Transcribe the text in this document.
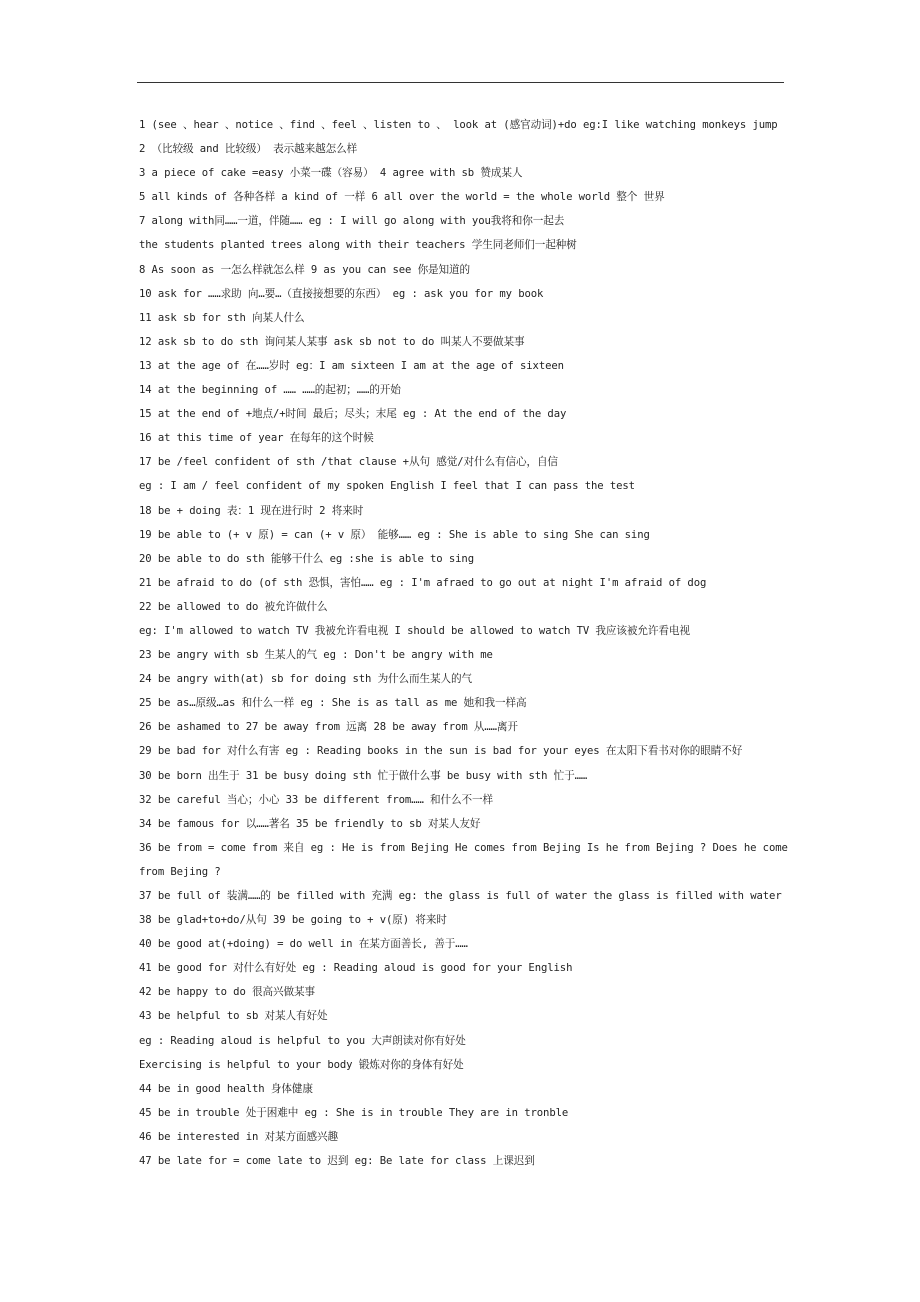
1 (see 、hear 、notice 、find 、feel 、listen to 、 look at (感官动词)+do eg:I like watching monkeys jump
2 （比较级 and 比较级） 表示越来越怎么样
3 a piece of cake =easy 小菜一碟（容易） 4 agree with sb 赞成某人
5 all kinds of 各种各样 a kind of 一样 6 all over the world = the whole world 整个 世界
7 along with同……一道，伴随…… eg : I will go along with you我将和你一起去
the students planted trees along with their teachers 学生同老师们一起种树
8 As soon as 一怎么样就怎么样 9 as you can see 你是知道的
10 ask for ……求助 向…要…（直接接想要的东西） eg : ask you for my book
11 ask sb for sth 向某人什么
12 ask sb to do sth 询问某人某事 ask sb not to do 叫某人不要做某事
13 at the age of 在……岁时 eg：I am sixteen I am at the age of sixteen
14 at the beginning of …… ……的起初；……的开始
15 at the end of +地点/+时间 最后；尽头；末尾 eg : At the end of the day
16 at this time of year 在每年的这个时候
17 be /feel confident of sth /that clause +从句 感觉/对什么有信心，自信
eg : I am / feel confident of my spoken English I feel that I can pass the test
18 be + doing 表：1 现在进行时 2 将来时
19 be able to (+ v 原) = can (+ v 原） 能够…… eg : She is able to sing She can sing
20 be able to do sth 能够干什么 eg :she is able to sing
21 be afraid to do (of sth 恐惧，害怕…… eg : I'm afraed to go out at night I'm afraid of dog
22 be allowed to do 被允许做什么
eg: I'm allowed to watch TV 我被允许看电视 I should be allowed to watch TV 我应该被允许看电视
23 be angry with sb 生某人的气 eg : Don't be angry with me
24 be angry with(at) sb for doing sth 为什么而生某人的气
25 be as…原级…as 和什么一样 eg : She is as tall as me 她和我一样高
26 be ashamed to 27 be away from 远离 28 be away from 从……离开
29 be bad for 对什么有害 eg : Reading books in the sun is bad for your eyes 在太阳下看书对你的眼睛不好
30 be born 出生于 31 be busy doing sth 忙于做什么事 be busy with sth 忙于……
32 be careful 当心；小心 33 be different from…… 和什么不一样
34 be famous for 以……著名 35 be friendly to sb 对某人友好
36 be from = come from 来自 eg : He is from Bejing He comes from Bejing Is he from Bejing ? Does he come
from Bejing ?
37 be full of 装满……的 be filled with 充满 eg: the glass is full of water the glass is filled with water
38 be glad+to+do/从句 39 be going to + v(原) 将来时
40 be good at(+doing) = do well in 在某方面善长, 善于……
41 be good for 对什么有好处 eg : Reading aloud is good for your English
42 be happy to do 很高兴做某事
43 be helpful to sb 对某人有好处
eg : Reading aloud is helpful to you 大声朗读对你有好处
Exercising is helpful to your body 锻炼对你的身体有好处
44 be in good health 身体健康
45 be in trouble 处于困难中 eg : She is in trouble They are in tronble
46 be interested in 对某方面感兴趣
47 be late for = come late to 迟到 eg: Be late for class 上课迟到
